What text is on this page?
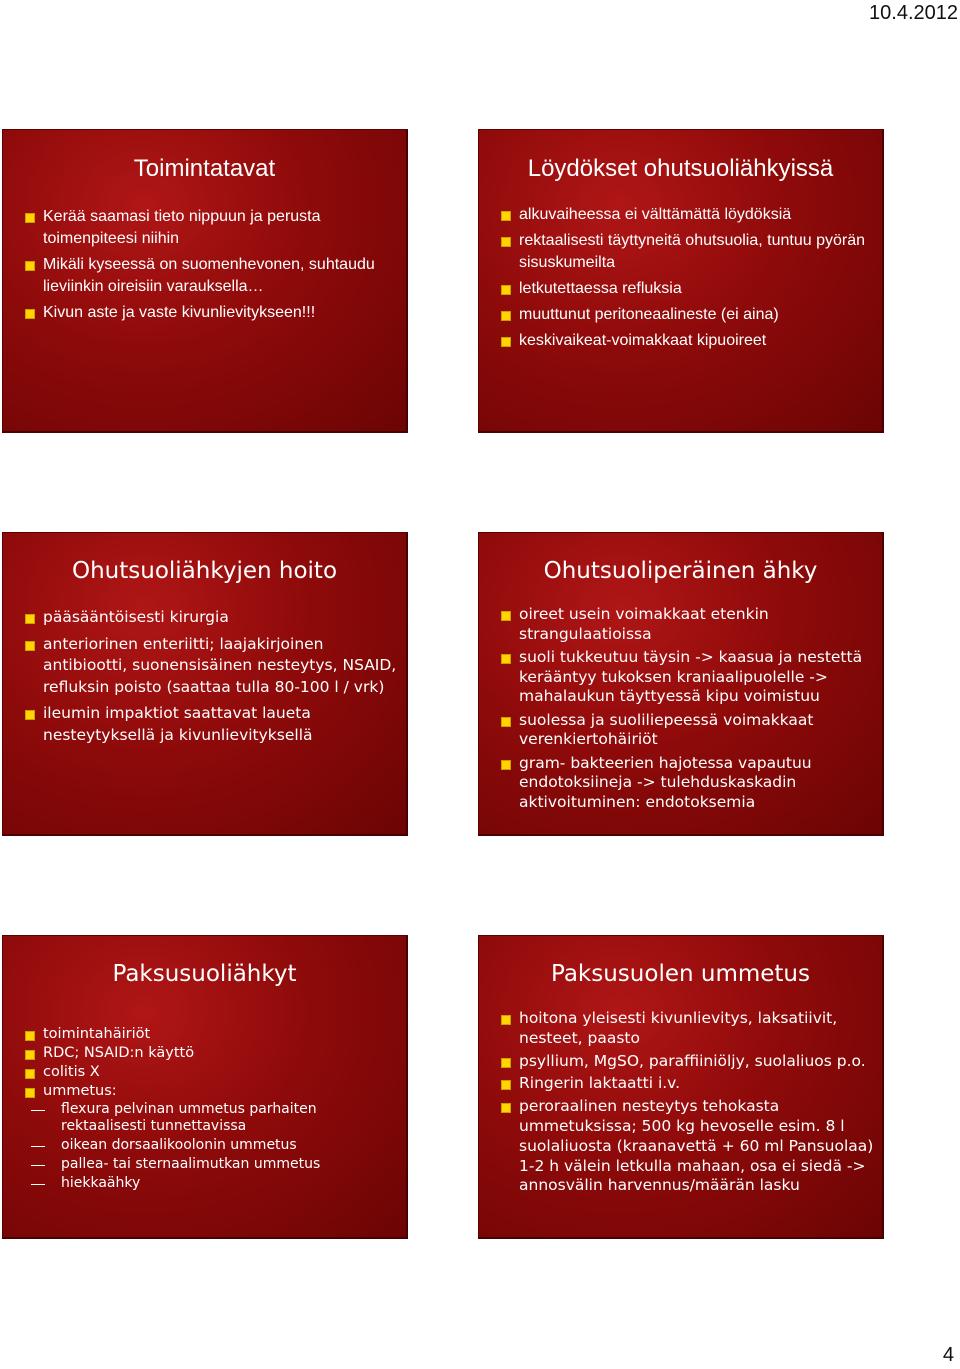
10.4.2012
Toimintatavat
Kerää saamasi tieto nippuun ja perusta toimenpiteesi niihin
Mikäli kyseessä on suomenhevonen, suhtaudu lieviinkin oireisiin varauksella…
Kivun aste ja vaste kivunlievitykseen!!!
Löydökset ohutsuoliähkyissä
alkuvaiheessa ei välttämättä löydöksiä
rektaalisesti täyttyneitä ohutsuolia, tuntuu pyörän sisuskumeilta
letkutettaessa refluksia
muuttunut peritoneaalineste (ei aina)
keskivaikeat-voimakkaat kipuoireet
Ohutsuoliähkyjen hoito
pääsääntöisesti kirurgia
anteriorinen enteriitti; laajakirjoinen antibiootti, suonensisäinen nesteytys, NSAID, refluksin poisto (saattaa tulla 80-100 l / vrk)
ileumin impaktiot saattavat laueta nesteytyksellä ja kivunlievityksellä
Ohutsuoliperäinen ähky
oireet usein voimakkaat etenkin strangulaatioissa
suoli tukkeutuu täysin -> kaasua ja nestettä kerääntyy tukoksen kraniaalipuolelle -> mahalaukun täyttyessä kipu voimistuu
suolessa ja suoliliepeessä voimakkaat verenkiertohäiriöt
gram- bakteerien hajotessa vapautuu endotoksiineja -> tulehduskaskadin aktivoituminen: endotoksemia
Paksusuoliähkyt
toimintahäiriöt
RDC; NSAID:n käyttö
colitis X
ummetus:
flexura pelvinan ummetus parhaiten rektaalisesti tunnettavissa
oikean dorsaalikoolonin ummetus
pallea- tai sternaalimutkan ummetus
hiekkaähky
Paksusuolen ummetus
hoitona yleisesti kivunlievitys, laksatiivit, nesteet, paasto
psyllium, MgSO, paraffiiniöljy, suolaliuos p.o.
Ringerin laktaatti i.v.
peroraalinen nesteytys tehokasta ummetuksissa; 500 kg hevoselle esim. 8 l suolaliuosta (kraanavettä + 60 ml Pansuolaa) 1-2 h välein letkulla mahaan, osa ei siedä -> annosvälin harvennus/määrän lasku
4
